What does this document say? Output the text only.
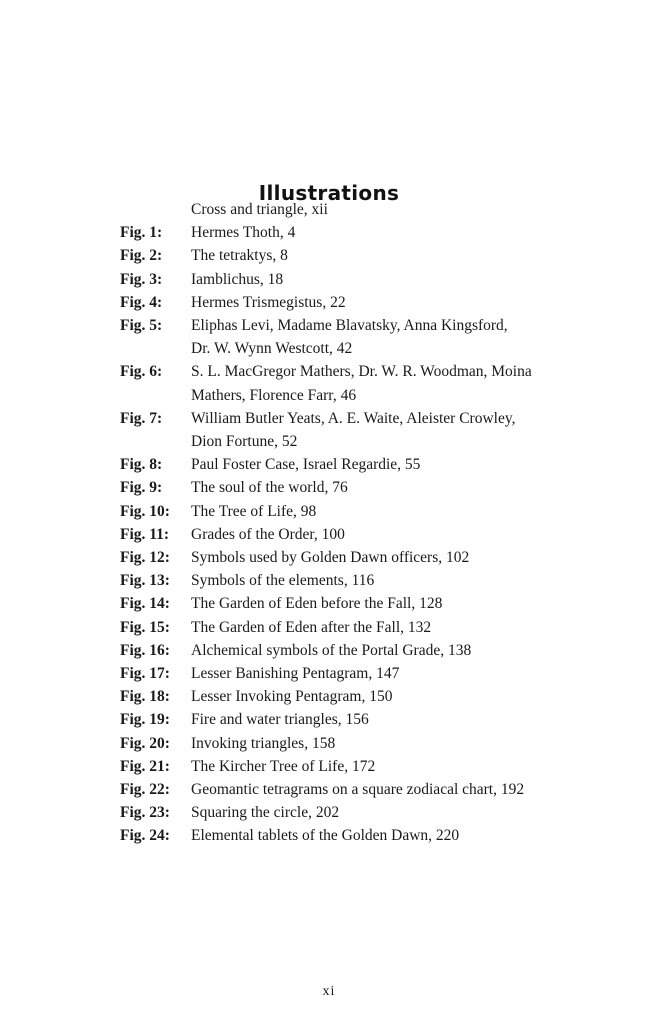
Illustrations
Cross and triangle, xii
Fig. 1:	Hermes Thoth, 4
Fig. 2:	The tetraktys, 8
Fig. 3:	Iamblichus, 18
Fig. 4:	Hermes Trismegistus, 22
Fig. 5:	Eliphas Levi, Madame Blavatsky, Anna Kingsford,
Dr. W. Wynn Westcott, 42
Fig. 6:	S. L. MacGregor Mathers, Dr. W. R. Woodman, Moina
Mathers, Florence Farr, 46
Fig. 7:	William Butler Yeats, A. E. Waite, Aleister Crowley,
Dion Fortune, 52
Fig. 8:	Paul Foster Case, Israel Regardie, 55
Fig. 9:	The soul of the world, 76
Fig. 10:	The Tree of Life, 98
Fig. 11:	Grades of the Order, 100
Fig. 12:	Symbols used by Golden Dawn officers, 102
Fig. 13:	Symbols of the elements, 116
Fig. 14:	The Garden of Eden before the Fall, 128
Fig. 15:	The Garden of Eden after the Fall, 132
Fig. 16:	Alchemical symbols of the Portal Grade, 138
Fig. 17:	Lesser Banishing Pentagram, 147
Fig. 18:	Lesser Invoking Pentagram, 150
Fig. 19:	Fire and water triangles, 156
Fig. 20:	Invoking triangles, 158
Fig. 21:	The Kircher Tree of Life, 172
Fig. 22:	Geomantic tetragrams on a square zodiacal chart, 192
Fig. 23:	Squaring the circle, 202
Fig. 24:	Elemental tablets of the Golden Dawn, 220
xi
